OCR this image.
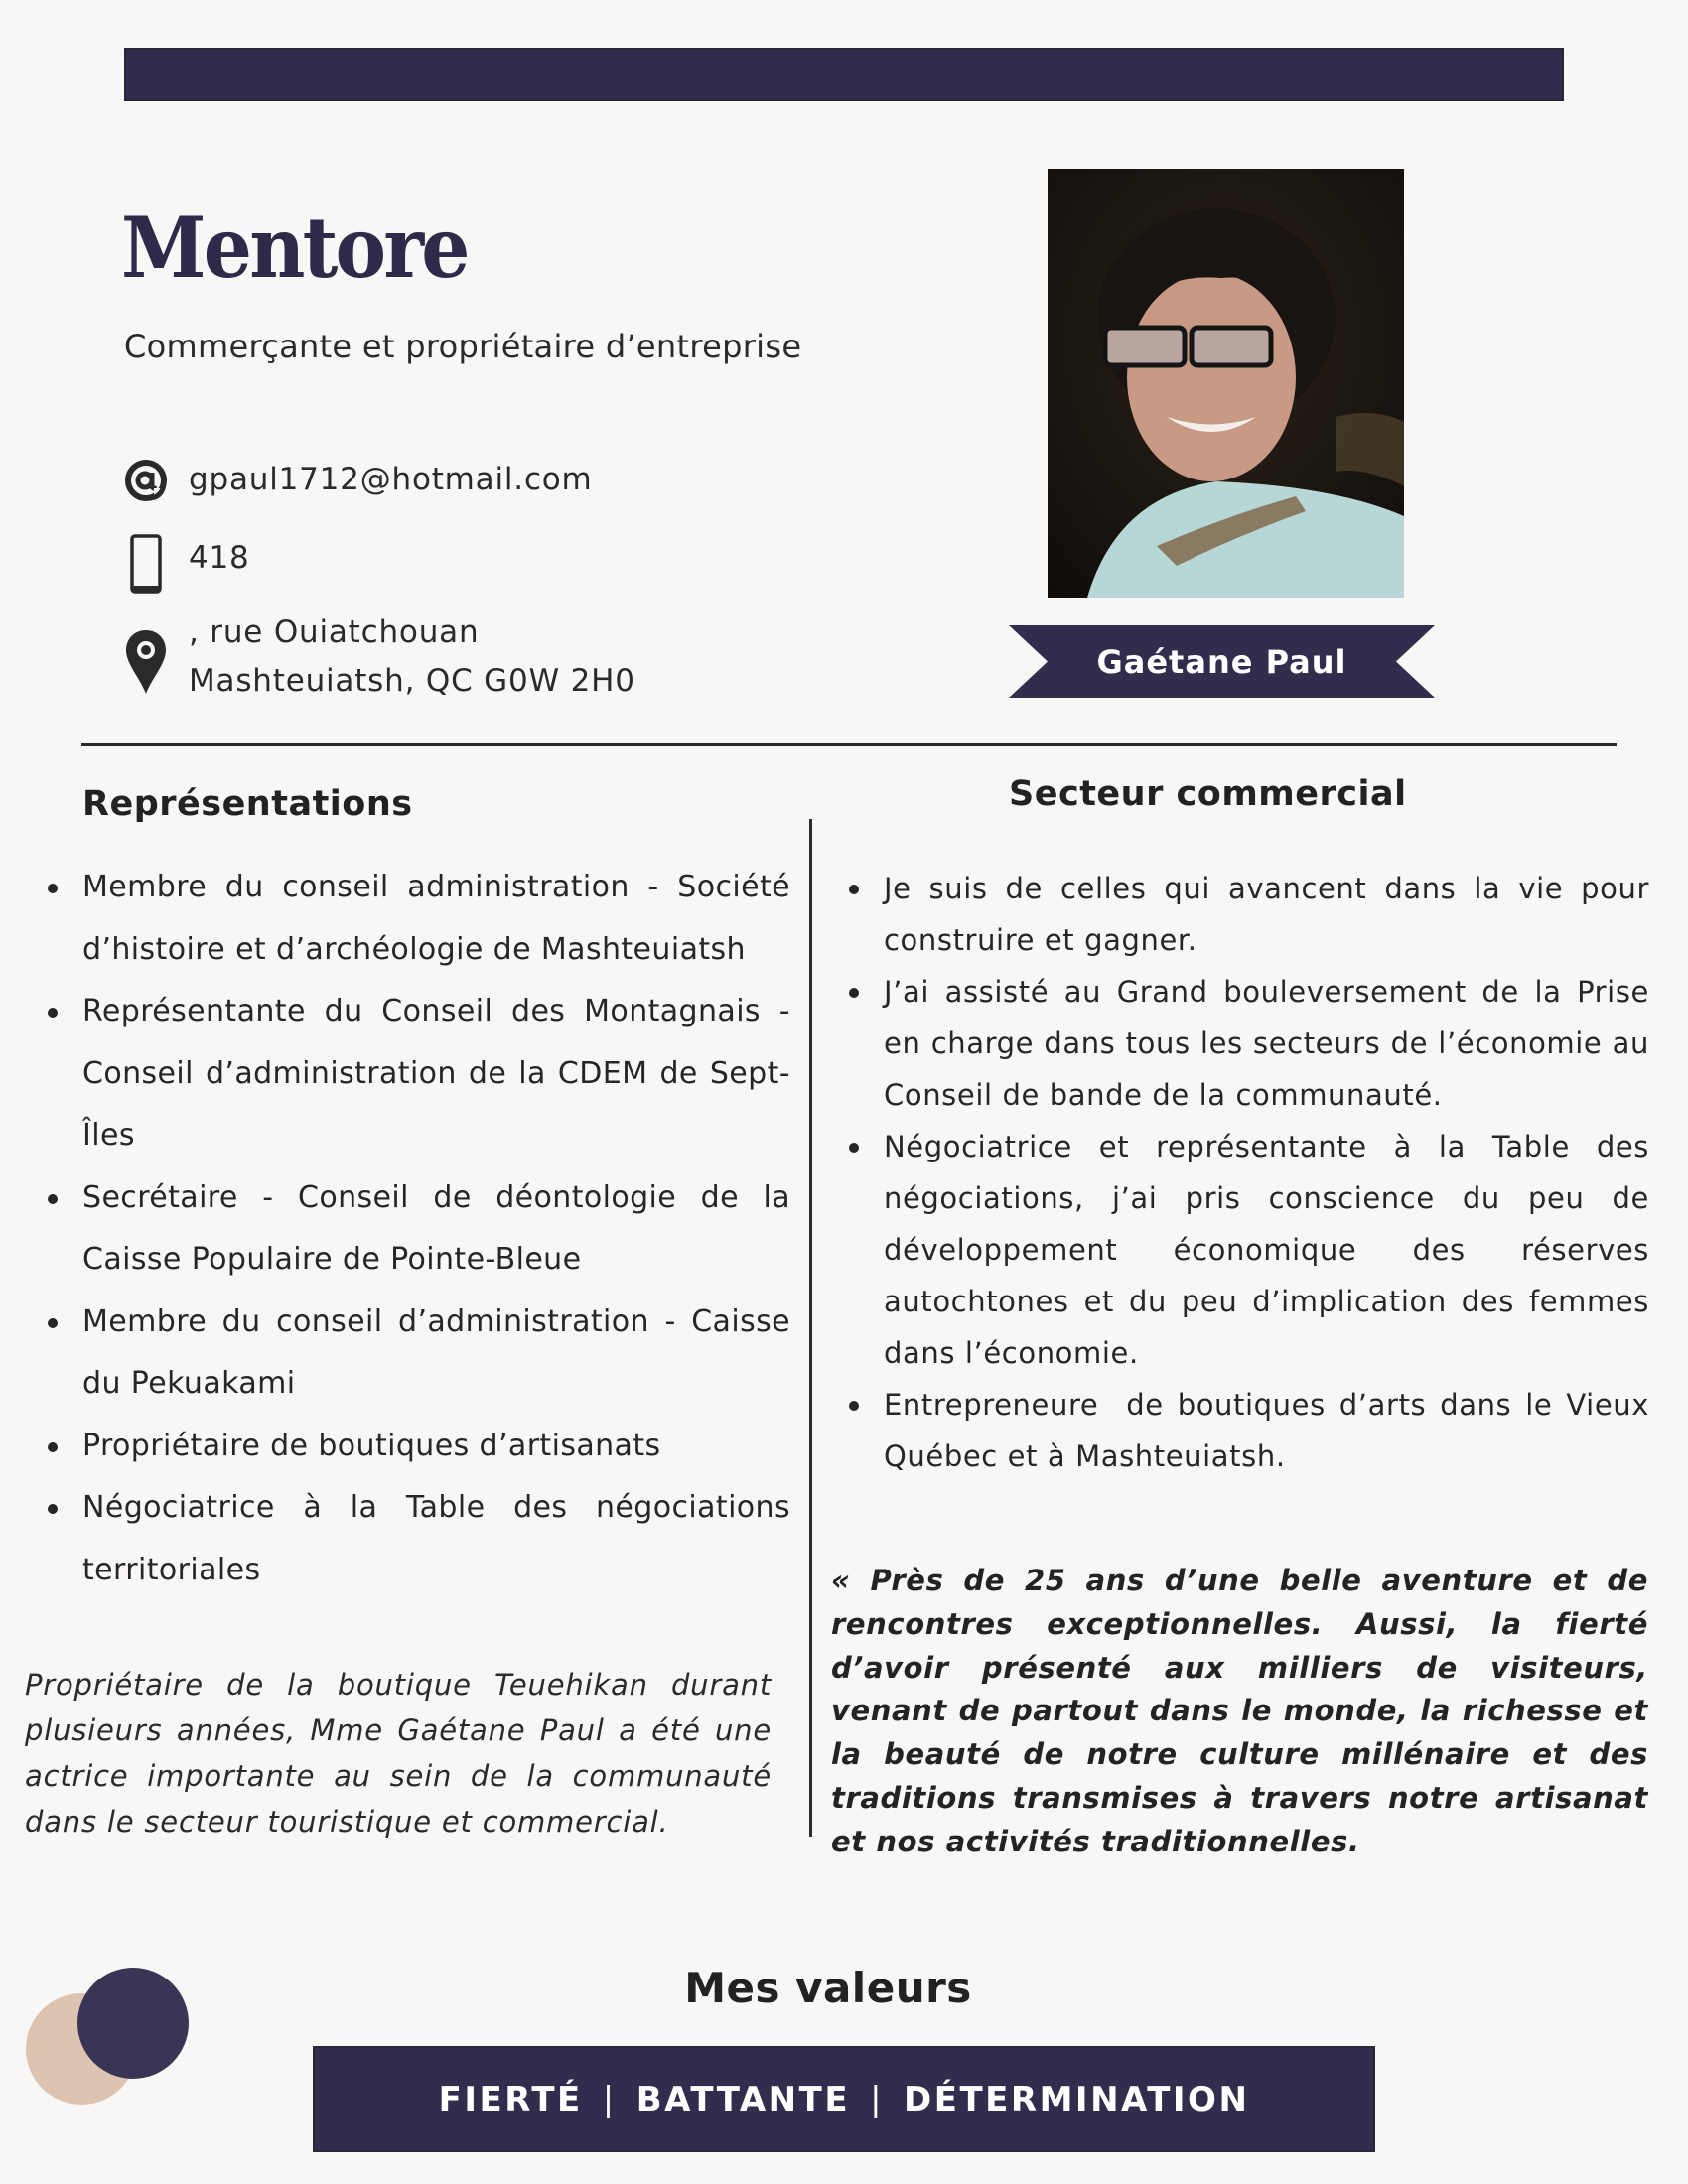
Mentore
Commerçante et propriétaire d’entreprise
gpaul1712@hotmail.com
418
, rue Ouiatchouan
Mashteuiatsh, QC G0W 2H0
Gaétane Paul
Représentations
Membre du conseil administration - Société d’histoire et d’archéologie de Mashteuiatsh
Représentante du Conseil des Montagnais - Conseil d’administration de la CDEM de Sept-Îles
Secrétaire - Conseil de déontologie de la Caisse Populaire de Pointe-Bleue
Membre du conseil d’administration - Caisse du Pekuakami
Propriétaire de boutiques d’artisanats
Négociatrice à la Table des négociations territoriales
Propriétaire de la boutique Teuehikan durant plusieurs années, Mme Gaétane Paul a été une actrice importante au sein de la communauté dans le secteur touristique et commercial.
Secteur commercial
Je suis de celles qui avancent dans la vie pour construire et gagner.
J’ai assisté au Grand bouleversement de la Prise en charge dans tous les secteurs de l’économie au Conseil de bande de la communauté.
Négociatrice et représentante à la Table des négociations, j’ai pris conscience du peu de développement économique des réserves autochtones et du peu d’implication des femmes dans l’économie.
Entrepreneure  de boutiques d’arts dans le Vieux Québec et à Mashteuiatsh.
« Près de 25 ans d’une belle aventure et de rencontres exceptionnelles. Aussi, la fierté d’avoir présenté aux milliers de visiteurs, venant de partout dans le monde, la richesse et la beauté de notre culture millénaire et des traditions transmises à travers notre artisanat et nos activités traditionnelles.
Mes valeurs
FIERTÉ | BATTANTE | DÉTERMINATION
